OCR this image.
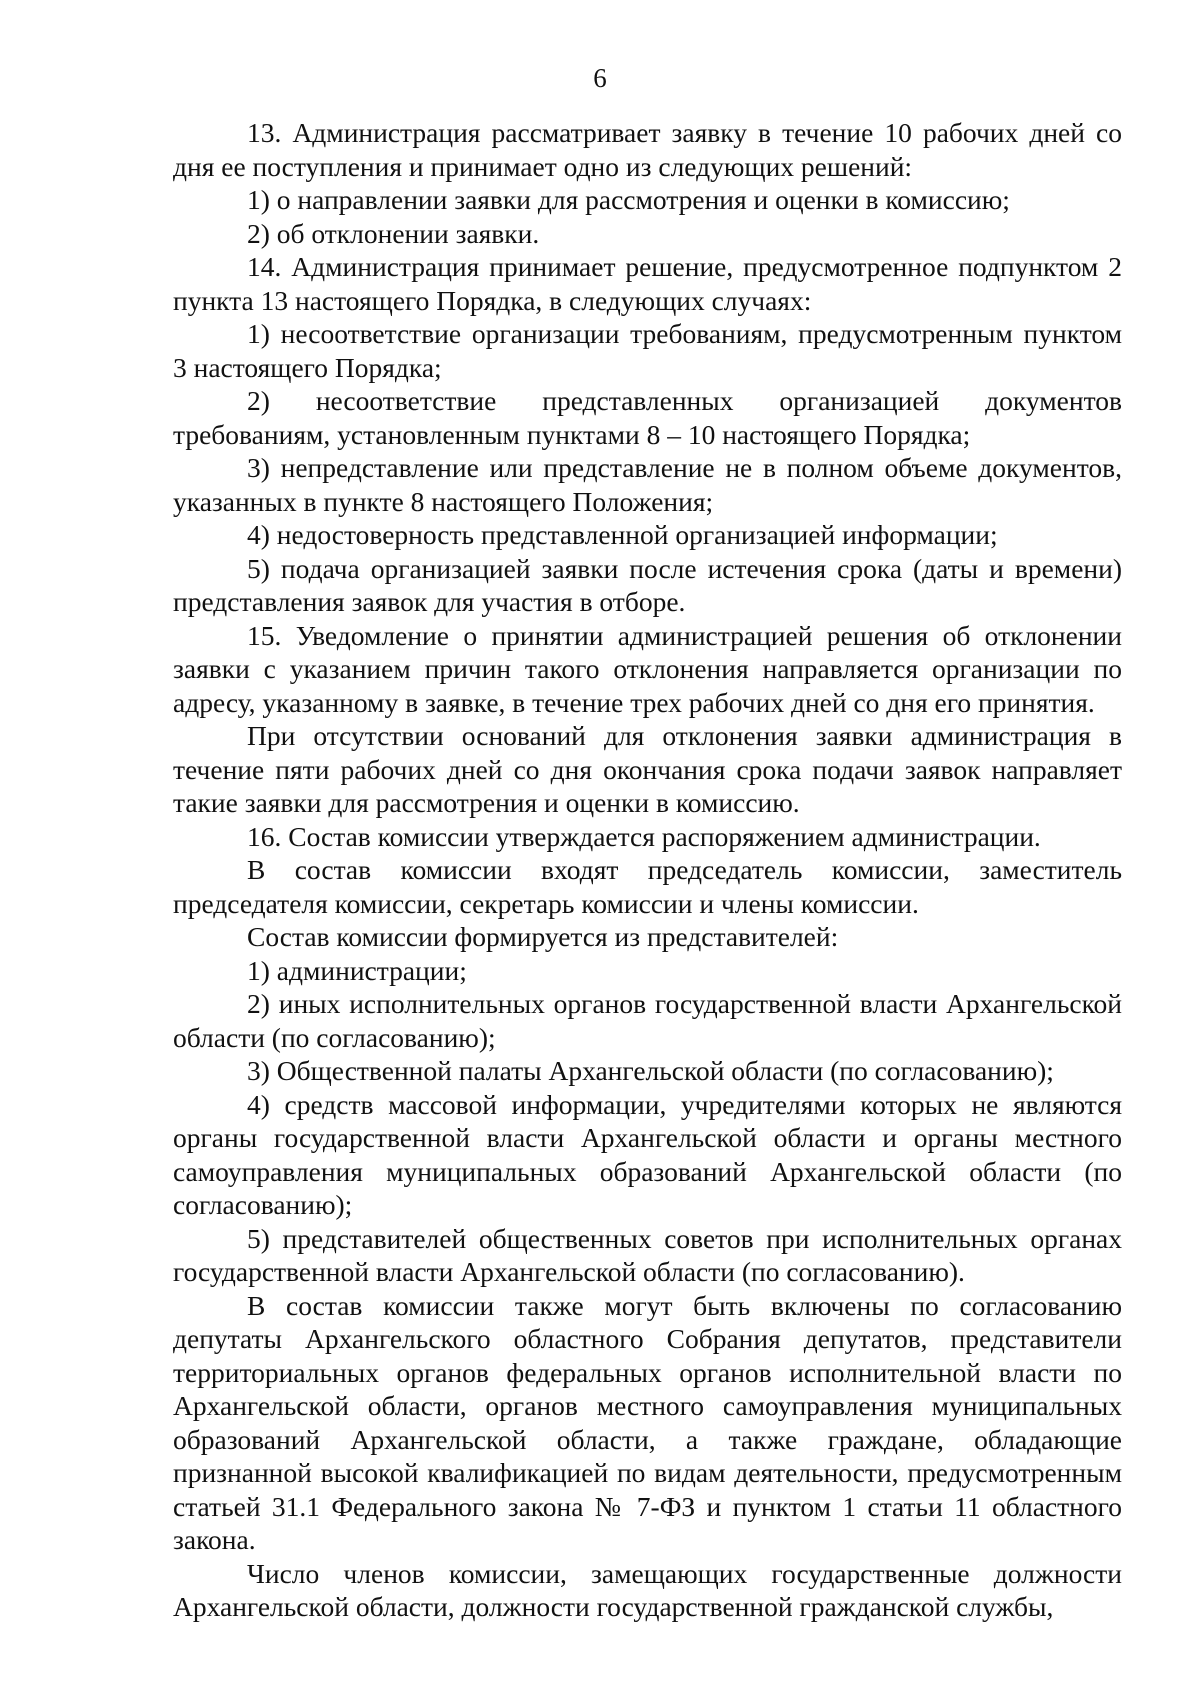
6

13. Администрация рассматривает заявку в течение 10 рабочих дней со дня ее поступления и принимает одно из следующих решений:

1) о направлении заявки для рассмотрения и оценки в комиссию;

2) об отклонении заявки.

14. Администрация принимает решение, предусмотренное подпунктом 2 пункта 13 настоящего Порядка, в следующих случаях:

1) несоответствие организации требованиям, предусмотренным пунктом 3 настоящего Порядка;

2) несоответствие представленных организацией документов требованиям, установленным пунктами 8 – 10 настоящего Порядка;

3) непредставление или представление не в полном объеме документов, указанных в пункте 8 настоящего Положения;

4) недостоверность представленной организацией информации;

5) подача организацией заявки после истечения срока (даты и времени) представления заявок для участия в отборе.

15. Уведомление о принятии администрацией решения об отклонении заявки с указанием причин такого отклонения направляется организации по адресу, указанному в заявке, в течение трех рабочих дней со дня его принятия.

При отсутствии оснований для отклонения заявки администрация в течение пяти рабочих дней со дня окончания срока подачи заявок направляет такие заявки для рассмотрения и оценки в комиссию.

16. Состав комиссии утверждается распоряжением администрации.

В состав комиссии входят председатель комиссии, заместитель председателя комиссии, секретарь комиссии и члены комиссии.

Состав комиссии формируется из представителей:

1) администрации;

2) иных исполнительных органов государственной власти Архангельской области (по согласованию);

3) Общественной палаты Архангельской области (по согласованию);

4) средств массовой информации, учредителями которых не являются органы государственной власти Архангельской области и органы местного самоуправления муниципальных образований Архангельской области (по согласованию);

5) представителей общественных советов при исполнительных органах государственной власти Архангельской области (по согласованию).

В состав комиссии также могут быть включены по согласованию депутаты Архангельского областного Собрания депутатов, представители территориальных органов федеральных органов исполнительной власти по Архангельской области, органов местного самоуправления муниципальных образований Архангельской области, а также граждане, обладающие признанной высокой квалификацией по видам деятельности, предусмотренным статьей 31.1 Федерального закона № 7-ФЗ и пунктом 1 статьи 11 областного закона.

Число членов комиссии, замещающих государственные должности Архангельской области, должности государственной гражданской службы,
